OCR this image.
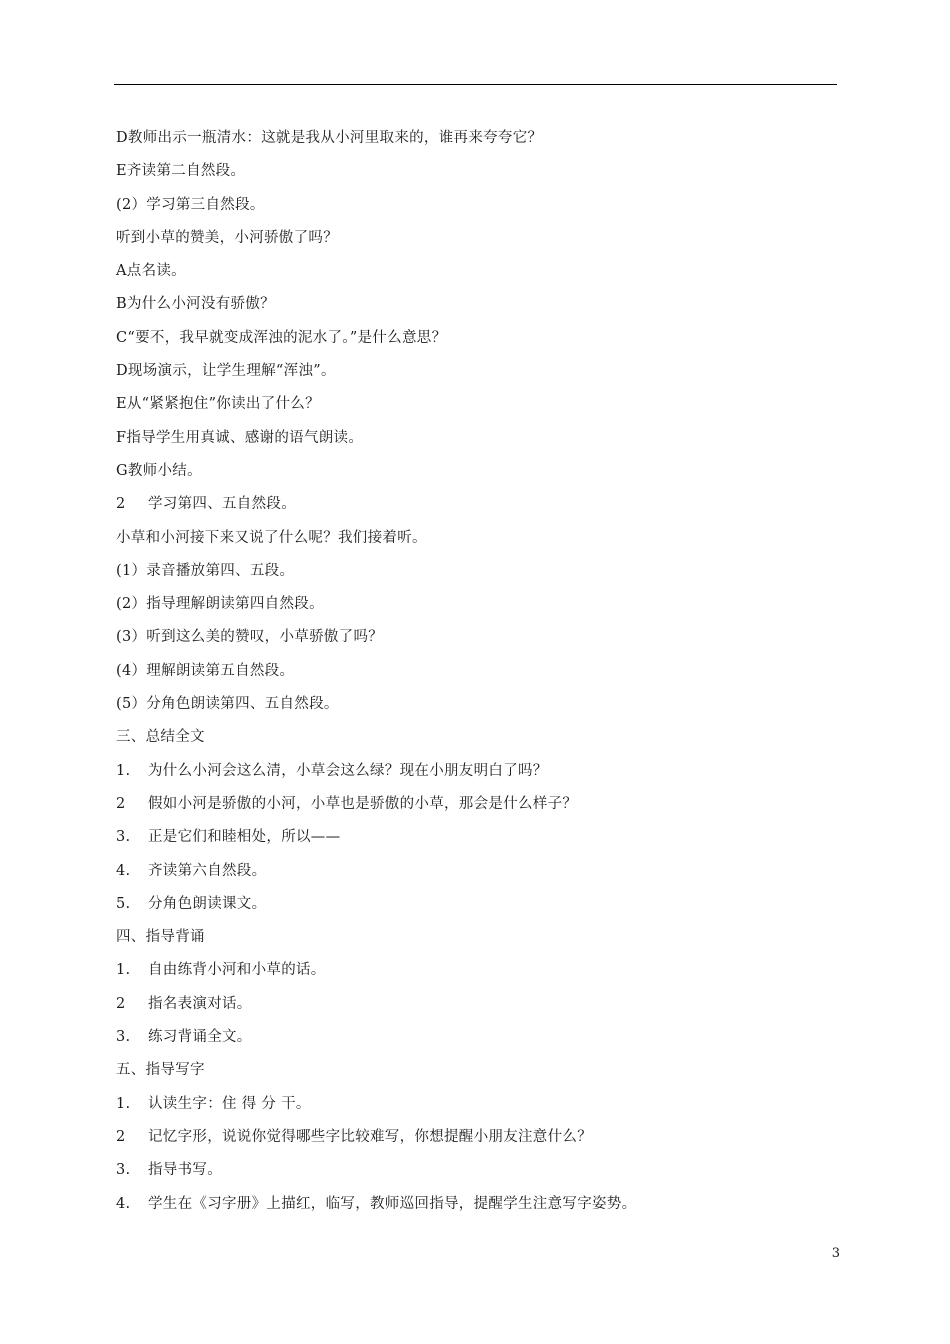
D教师出示一瓶清水：这就是我从小河里取来的，谁再来夸夸它？
E齐读第二自然段。
(2）学习第三自然段。
听到小草的赞美，小河骄傲了吗？
A点名读。
B为什么小河没有骄傲？
C“要不，我早就变成浑浊的泥水了。”是什么意思？
D现场演示，让学生理解“浑浊”。
E从“紧紧抱住”你读出了什么？
F指导学生用真诚、感谢的语气朗读。
G教师小结。
2 学习第四、五自然段。
小草和小河接下来又说了什么呢？我们接着听。
(1）录音播放第四、五段。
(2）指导理解朗读第四自然段。
(3）听到这么美的赞叹，小草骄傲了吗？
(4）理解朗读第五自然段。
(5）分角色朗读第四、五自然段。
三、总结全文
1. 为什么小河会这么清，小草会这么绿？现在小朋友明白了吗？
2 假如小河是骄傲的小河，小草也是骄傲的小草，那会是什么样子？
3. 正是它们和睦相处，所以——
4. 齐读第六自然段。
5. 分角色朗读课文。
四、指导背诵
1. 自由练背小河和小草的话。
2 指名表演对话。
3. 练习背诵全文。
五、指导写字
1. 认读生字：住 得 分 干。
2 记忆字形，说说你觉得哪些字比较难写，你想提醒小朋友注意什么？
3. 指导书写。
4. 学生在《习字册》上描红，临写，教师巡回指导，提醒学生注意写字姿势。
3
